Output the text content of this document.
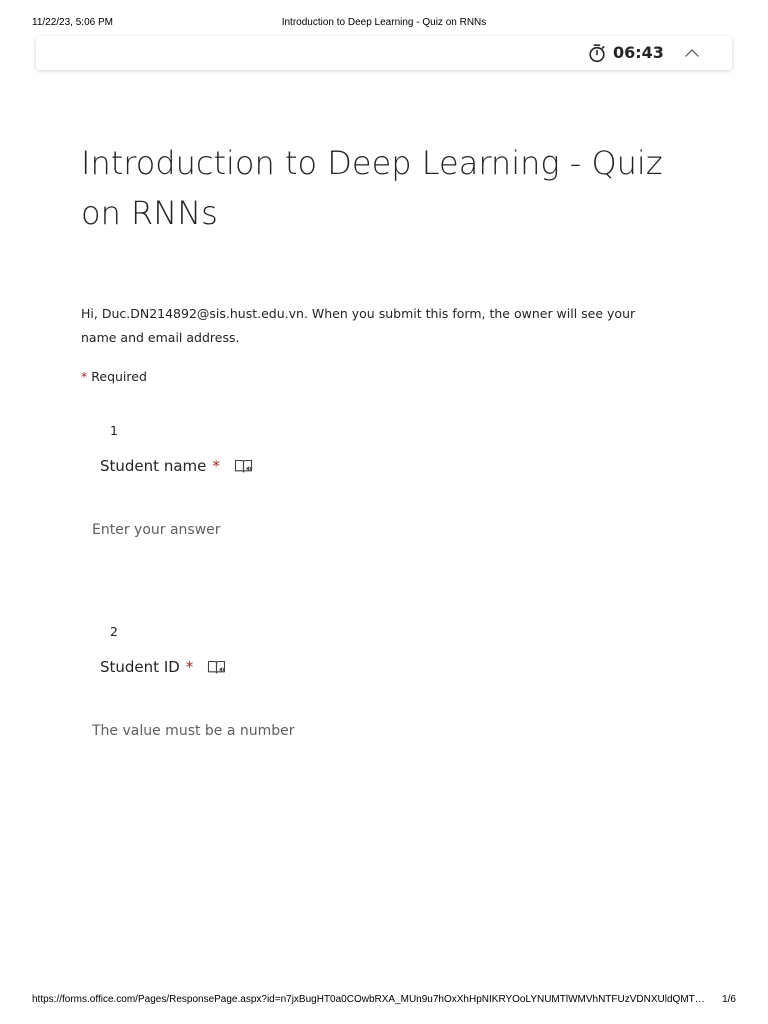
11/22/23, 5:06 PM	Introduction to Deep Learning - Quiz on RNNs
06:43
Introduction to Deep Learning - Quiz on RNNs
Hi, Duc.DN214892@sis.hust.edu.vn. When you submit this form, the owner will see your name and email address.
* Required
1
Student name *
Enter your answer
2
Student ID *
The value must be a number
https://forms.office.com/Pages/ResponsePage.aspx?id=n7jxBugHT0a0COwbRXA_MUn9u7hOxXhHpNIKRYOoLYNUMTlWMVhNTFUzVDNXUldQMT…	1/6
